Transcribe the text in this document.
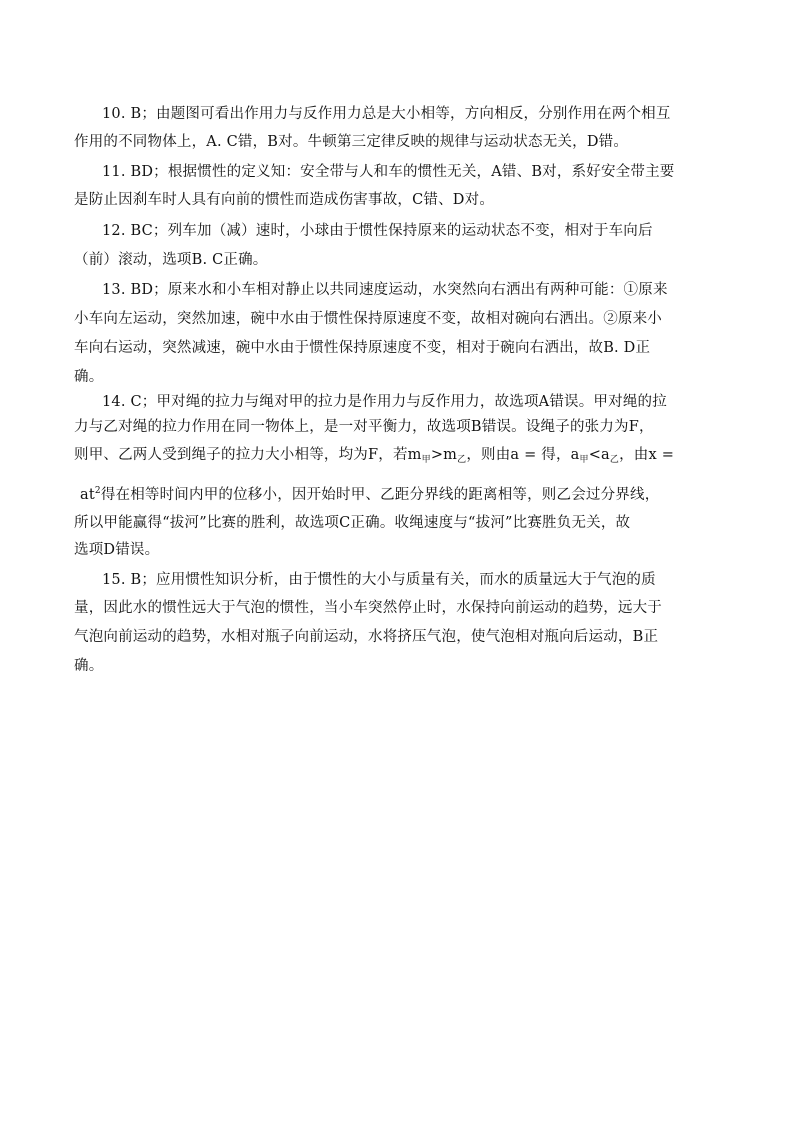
10. B；由题图可看出作用力与反作用力总是大小相等，方向相反，分别作用在两个相互
作用的不同物体上，A. C错，B对。牛顿第三定律反映的规律与运动状态无关，D错。
11. BD；根据惯性的定义知：安全带与人和车的惯性无关，A错、B对，系好安全带主要
是防止因刹车时人具有向前的惯性而造成伤害事故，C错、D对。
12. BC；列车加（减）速时，小球由于惯性保持原来的运动状态不变，相对于车向后
（前）滚动，选项B. C正确。
13. BD；原来水和小车相对静止以共同速度运动，水突然向右洒出有两种可能：①原来
小车向左运动，突然加速，碗中水由于惯性保持原速度不变，故相对碗向右洒出。②原来小
车向右运动，突然减速，碗中水由于惯性保持原速度不变，相对于碗向右洒出，故B. D正
确。
14. C；甲对绳的拉力与绳对甲的拉力是作用力与反作用力，故选项A错误。甲对绳的拉
力与乙对绳的拉力作用在同一物体上，是一对平衡力，故选项B错误。设绳子的张力为F，
则甲、乙两人受到绳子的拉力大小相等，均为F，若$m_甲>m_乙$，则由a = 得，$a_甲<a_乙$，由x =
$at^2$得在相等时间内甲的位移小，因开始时甲、乙距分界线的距离相等，则乙会过分界线，
所以甲能赢得“拔河”比赛的胜利，故选项C正确。收绳速度与“拔河”比赛胜负无关，故
选项D错误。
15. B；应用惯性知识分析，由于惯性的大小与质量有关，而水的质量远大于气泡的质
量，因此水的惯性远大于气泡的惯性，当小车突然停止时，水保持向前运动的趋势，远大于
气泡向前运动的趋势，水相对瓶子向前运动，水将挤压气泡，使气泡相对瓶向后运动，B正
确。
